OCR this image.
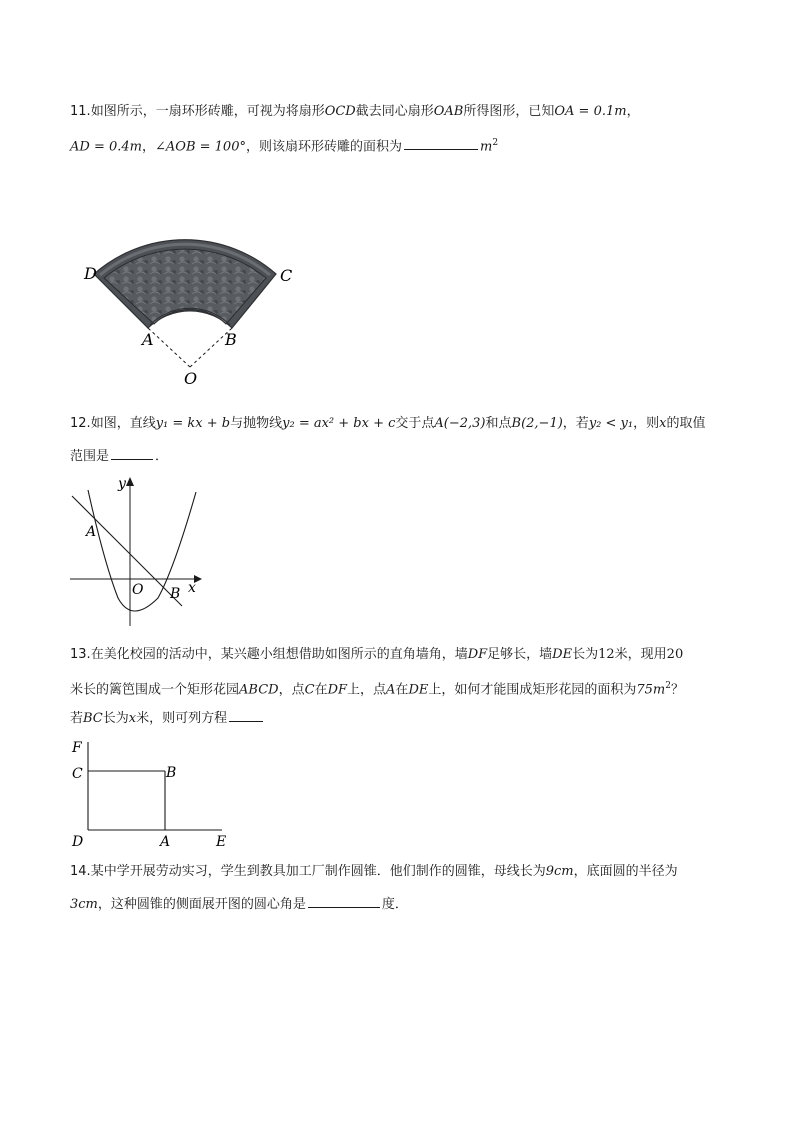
11.如图所示，一扇环形砖雕，可视为将扇形OCD截去同心扇形OAB所得图形，已知OA = 0.1m，
AD = 0.4m，∠AOB = 100°，则该扇环形砖雕的面积为	$m^2$
D	C
A	B
O
12.如图，直线y₁ = kx + b与抛物线y₂ = ax² + bx + c交于点A(−2,3)和点B(2,−1)，若y₂ < y₁，则x的取值
范围是	．
y
x
O
A
B
13.在美化校园的活动中，某兴趣小组想借助如图所示的直角墙角，墙DF足够长，墙DE长为12米，现用20
米长的篱笆围成一个矩形花园ABCD，点C在DF上，点A在DE上，如何才能围成矩形花园的面积为$75m^2$？
若BC长为x米，则可列方程
F
C	B
D	A	E
14.某中学开展劳动实习，学生到教具加工厂制作圆锥．他们制作的圆锥，母线长为9cm，底面圆的半径为
3cm，这种圆锥的侧面展开图的圆心角是	度．
